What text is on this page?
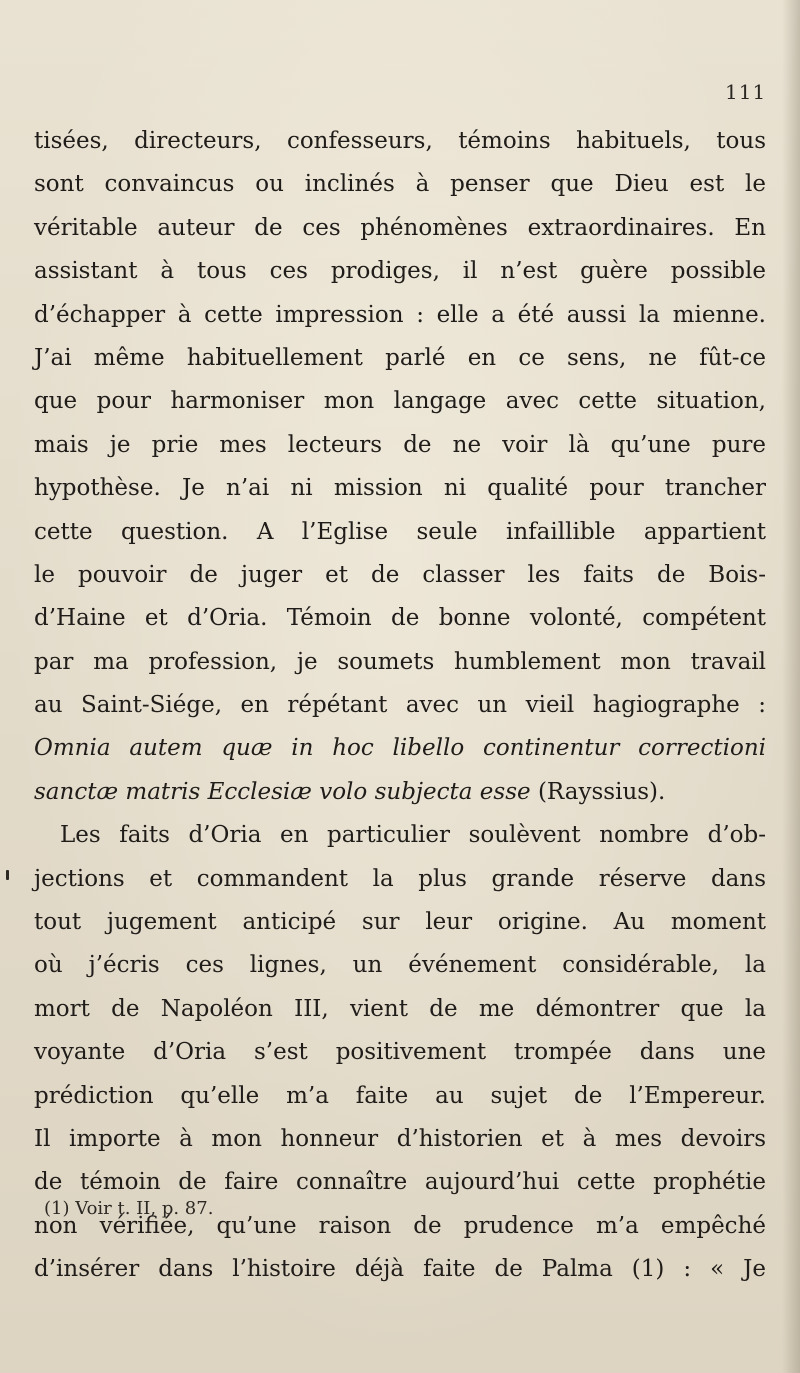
111
tisées, directeurs, confesseurs, témoins habituels, tous
sont convaincus ou inclinés à penser que Dieu est le
véritable auteur de ces phénomènes extraordinaires. En
assistant à tous ces prodiges, il n’est guère possible
d’échapper à cette impression : elle a été aussi la mienne.
J’ai même habituellement parlé en ce sens, ne fût-ce
que pour harmoniser mon langage avec cette situation,
mais je prie mes lecteurs de ne voir là qu’une pure
hypothèse. Je n’ai ni mission ni qualité pour trancher
cette question. A l’Eglise seule infaillible appartient
le pouvoir de juger et de classer les faits de Bois-
d’Haine et d’Oria. Témoin de bonne volonté, compétent
par ma profession, je soumets humblement mon travail
au Saint-Siége, en répétant avec un vieil hagiographe :
Omnia autem quæ in hoc libello continentur correctioni
sanctæ matris Ecclesiæ volo subjecta esse (Rayssius).
Les faits d’Oria en particulier soulèvent nombre d’ob-
jections et commandent la plus grande réserve dans
tout jugement anticipé sur leur origine. Au moment
où j’écris ces lignes, un événement considérable, la
mort de Napoléon III, vient de me démontrer que la
voyante d’Oria s’est positivement trompée dans une
prédiction qu’elle m’a faite au sujet de l’Empereur.
Il importe à mon honneur d’historien et à mes devoirs
de témoin de faire connaître aujourd’hui cette prophétie
non vérifiée, qu’une raison de prudence m’a empêché
d’insérer dans l’histoire déjà faite de Palma (1) : « Je
(1) Voir t. II, p. 87.
